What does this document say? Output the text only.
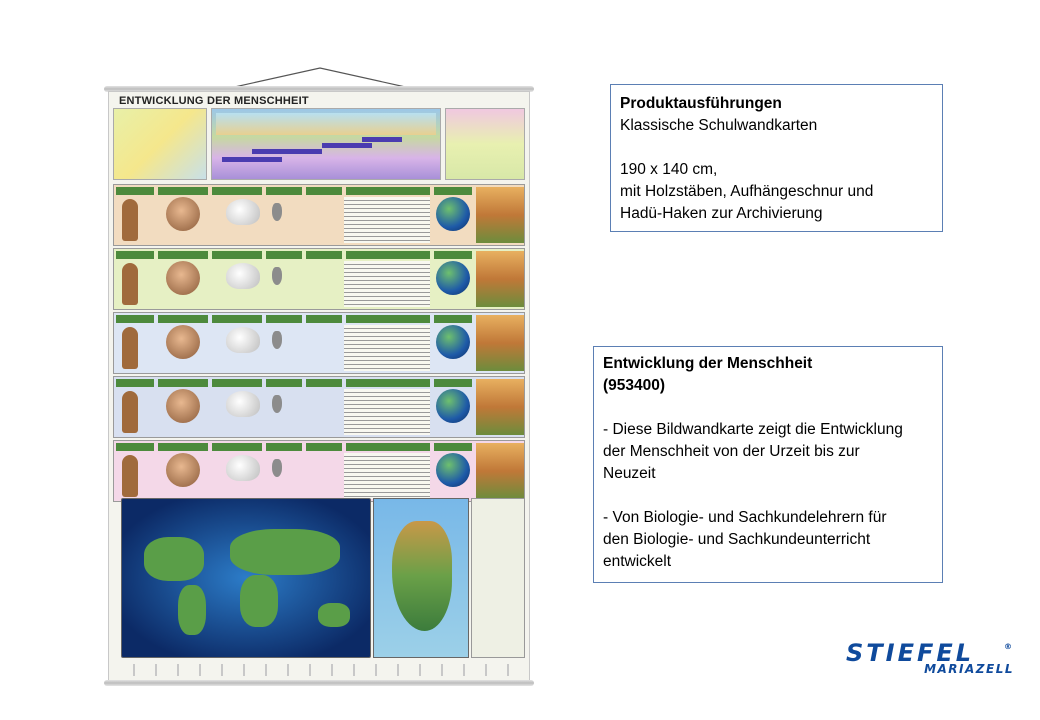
ENTWICKLUNG DER MENSCHHEIT	Produktausführungen
Klassische Schulwandkarten
190 x 140 cm,
mit Holzstäben, Aufhängeschnur und
Hadü-Haken zur Archivierung
Entwicklung der Menschheit
(953400)
- Diese Bildwandkarte zeigt die Entwicklung
der Menschheit von der Urzeit bis zur
Neuzeit
- Von Biologie- und Sachkundelehrern für
den Biologie- und Sachkundeunterricht
entwickelt
STIEFEL	®
MARIAZELL
